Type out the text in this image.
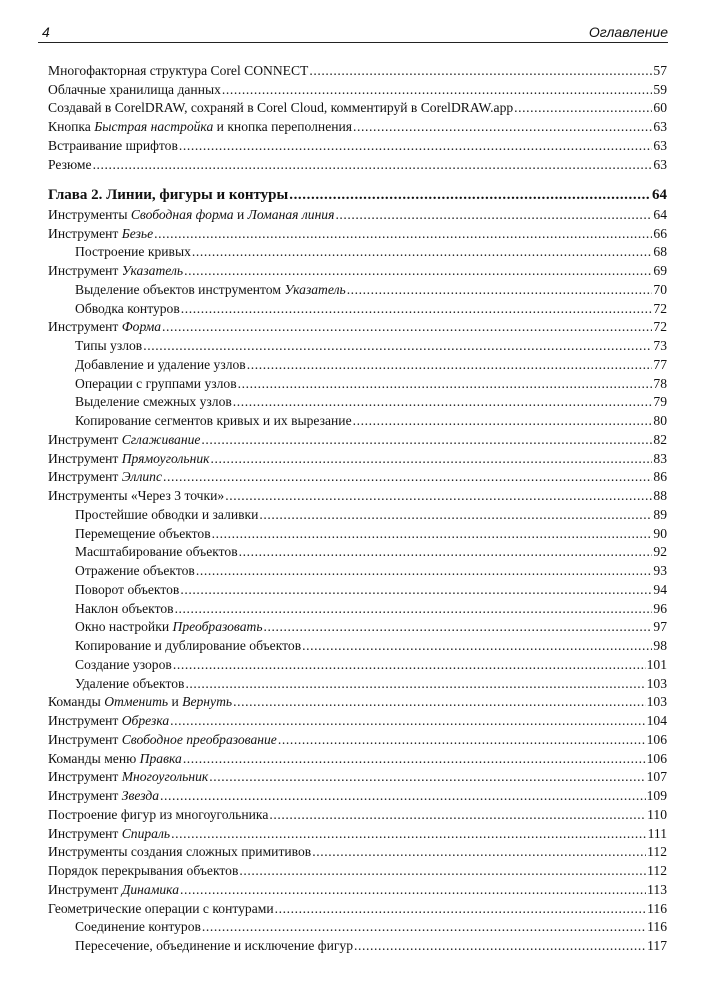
4	Оглавление
Многофакторная структура Corel CONNECT .....	57
Облачные хранилища данных .....	59
Создавай в CorelDRAW, сохраняй в Corel Cloud, комментируй в CorelDRAW.app .....	60
Кнопка Быстрая настройка и кнопка переполнения .....	63
Встраивание шрифтов .....	63
Резюме .....	63
Глава 2. Линии, фигуры и контуры .....	64
Инструменты Свободная форма и Ломаная линия .....	64
Инструмент Безье .....	66
Построение кривых .....	68
Инструмент Указатель .....	69
Выделение объектов инструментом Указатель .....	70
Обводка контуров .....	72
Инструмент Форма .....	72
Типы узлов .....	73
Добавление и удаление узлов .....	77
Операции с группами узлов .....	78
Выделение смежных узлов .....	79
Копирование сегментов кривых и их вырезание .....	80
Инструмент Сглаживание .....	82
Инструмент Прямоугольник .....	83
Инструмент Эллипс .....	86
Инструменты «Через 3 точки» .....	88
Простейшие обводки и заливки .....	89
Перемещение объектов .....	90
Масштабирование объектов .....	92
Отражение объектов .....	93
Поворот объектов .....	94
Наклон объектов .....	96
Окно настройки Преобразовать .....	97
Копирование и дублирование объектов .....	98
Создание узоров .....	101
Удаление объектов .....	103
Команды Отменить и Вернуть .....	103
Инструмент Обрезка .....	104
Инструмент Свободное преобразование .....	106
Команды меню Правка .....	106
Инструмент Многоугольник .....	107
Инструмент Звезда .....	109
Построение фигур из многоугольника .....	110
Инструмент Спираль .....	111
Инструменты создания сложных примитивов .....	112
Порядок перекрывания объектов .....	112
Инструмент Динамика .....	113
Геометрические операции с контурами .....	116
Соединение контуров .....	116
Пересечение, объединение и исключение фигур .....	117
